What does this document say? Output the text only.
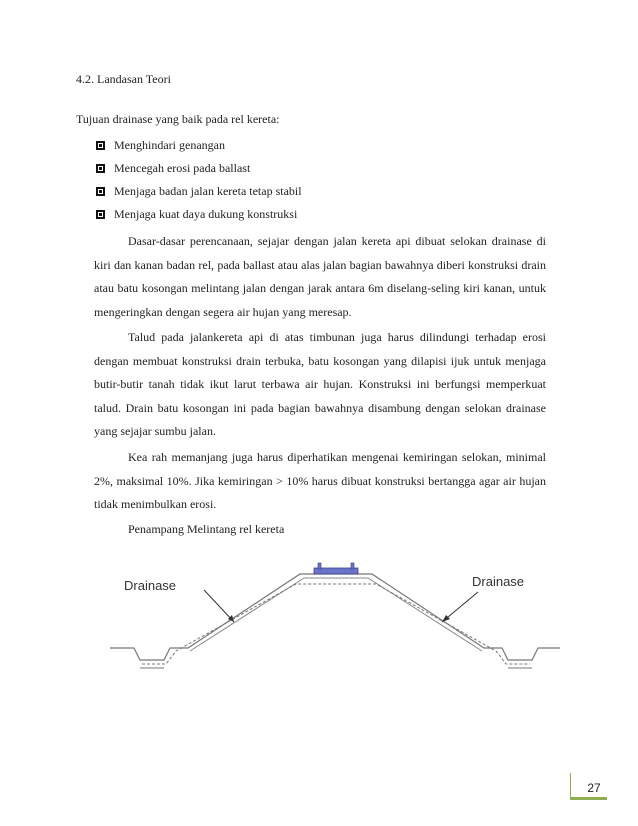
4.2. Landasan Teori
Tujuan drainase yang baik pada rel kereta:
Menghindari genangan
Mencegah erosi pada ballast
Menjaga badan jalan kereta tetap stabil
Menjaga kuat daya dukung konstruksi

Dasar-dasar perencanaan, sejajar dengan jalan kereta api dibuat selokan drainase di kiri dan kanan badan rel, pada ballast atau alas jalan bagian bawahnya diberi konstruksi drain atau batu kosongan melintang jalan dengan jarak antara 6m diselang-seling kiri kanan, untuk mengeringkan dengan segera air hujan yang meresap.

Talud pada jalankereta api di atas timbunan juga harus dilindungi terhadap erosi dengan membuat konstruksi drain terbuka, batu kosongan yang dilapisi ijuk untuk menjaga butir-butir tanah tidak ikut larut terbawa air hujan. Konstruksi ini berfungsi memperkuat talud. Drain batu kosongan ini pada bagian bawahnya disambung dengan selokan drainase yang sejajar sumbu jalan.

Kea rah memanjang juga harus diperhatikan mengenai kemiringan selokan, minimal 2%, maksimal 10%. Jika kemiringan > 10% harus dibuat konstruksi bertangga agar air hujan tidak menimbulkan erosi.

Penampang Melintang rel kereta
Drainase	Drainase
27
